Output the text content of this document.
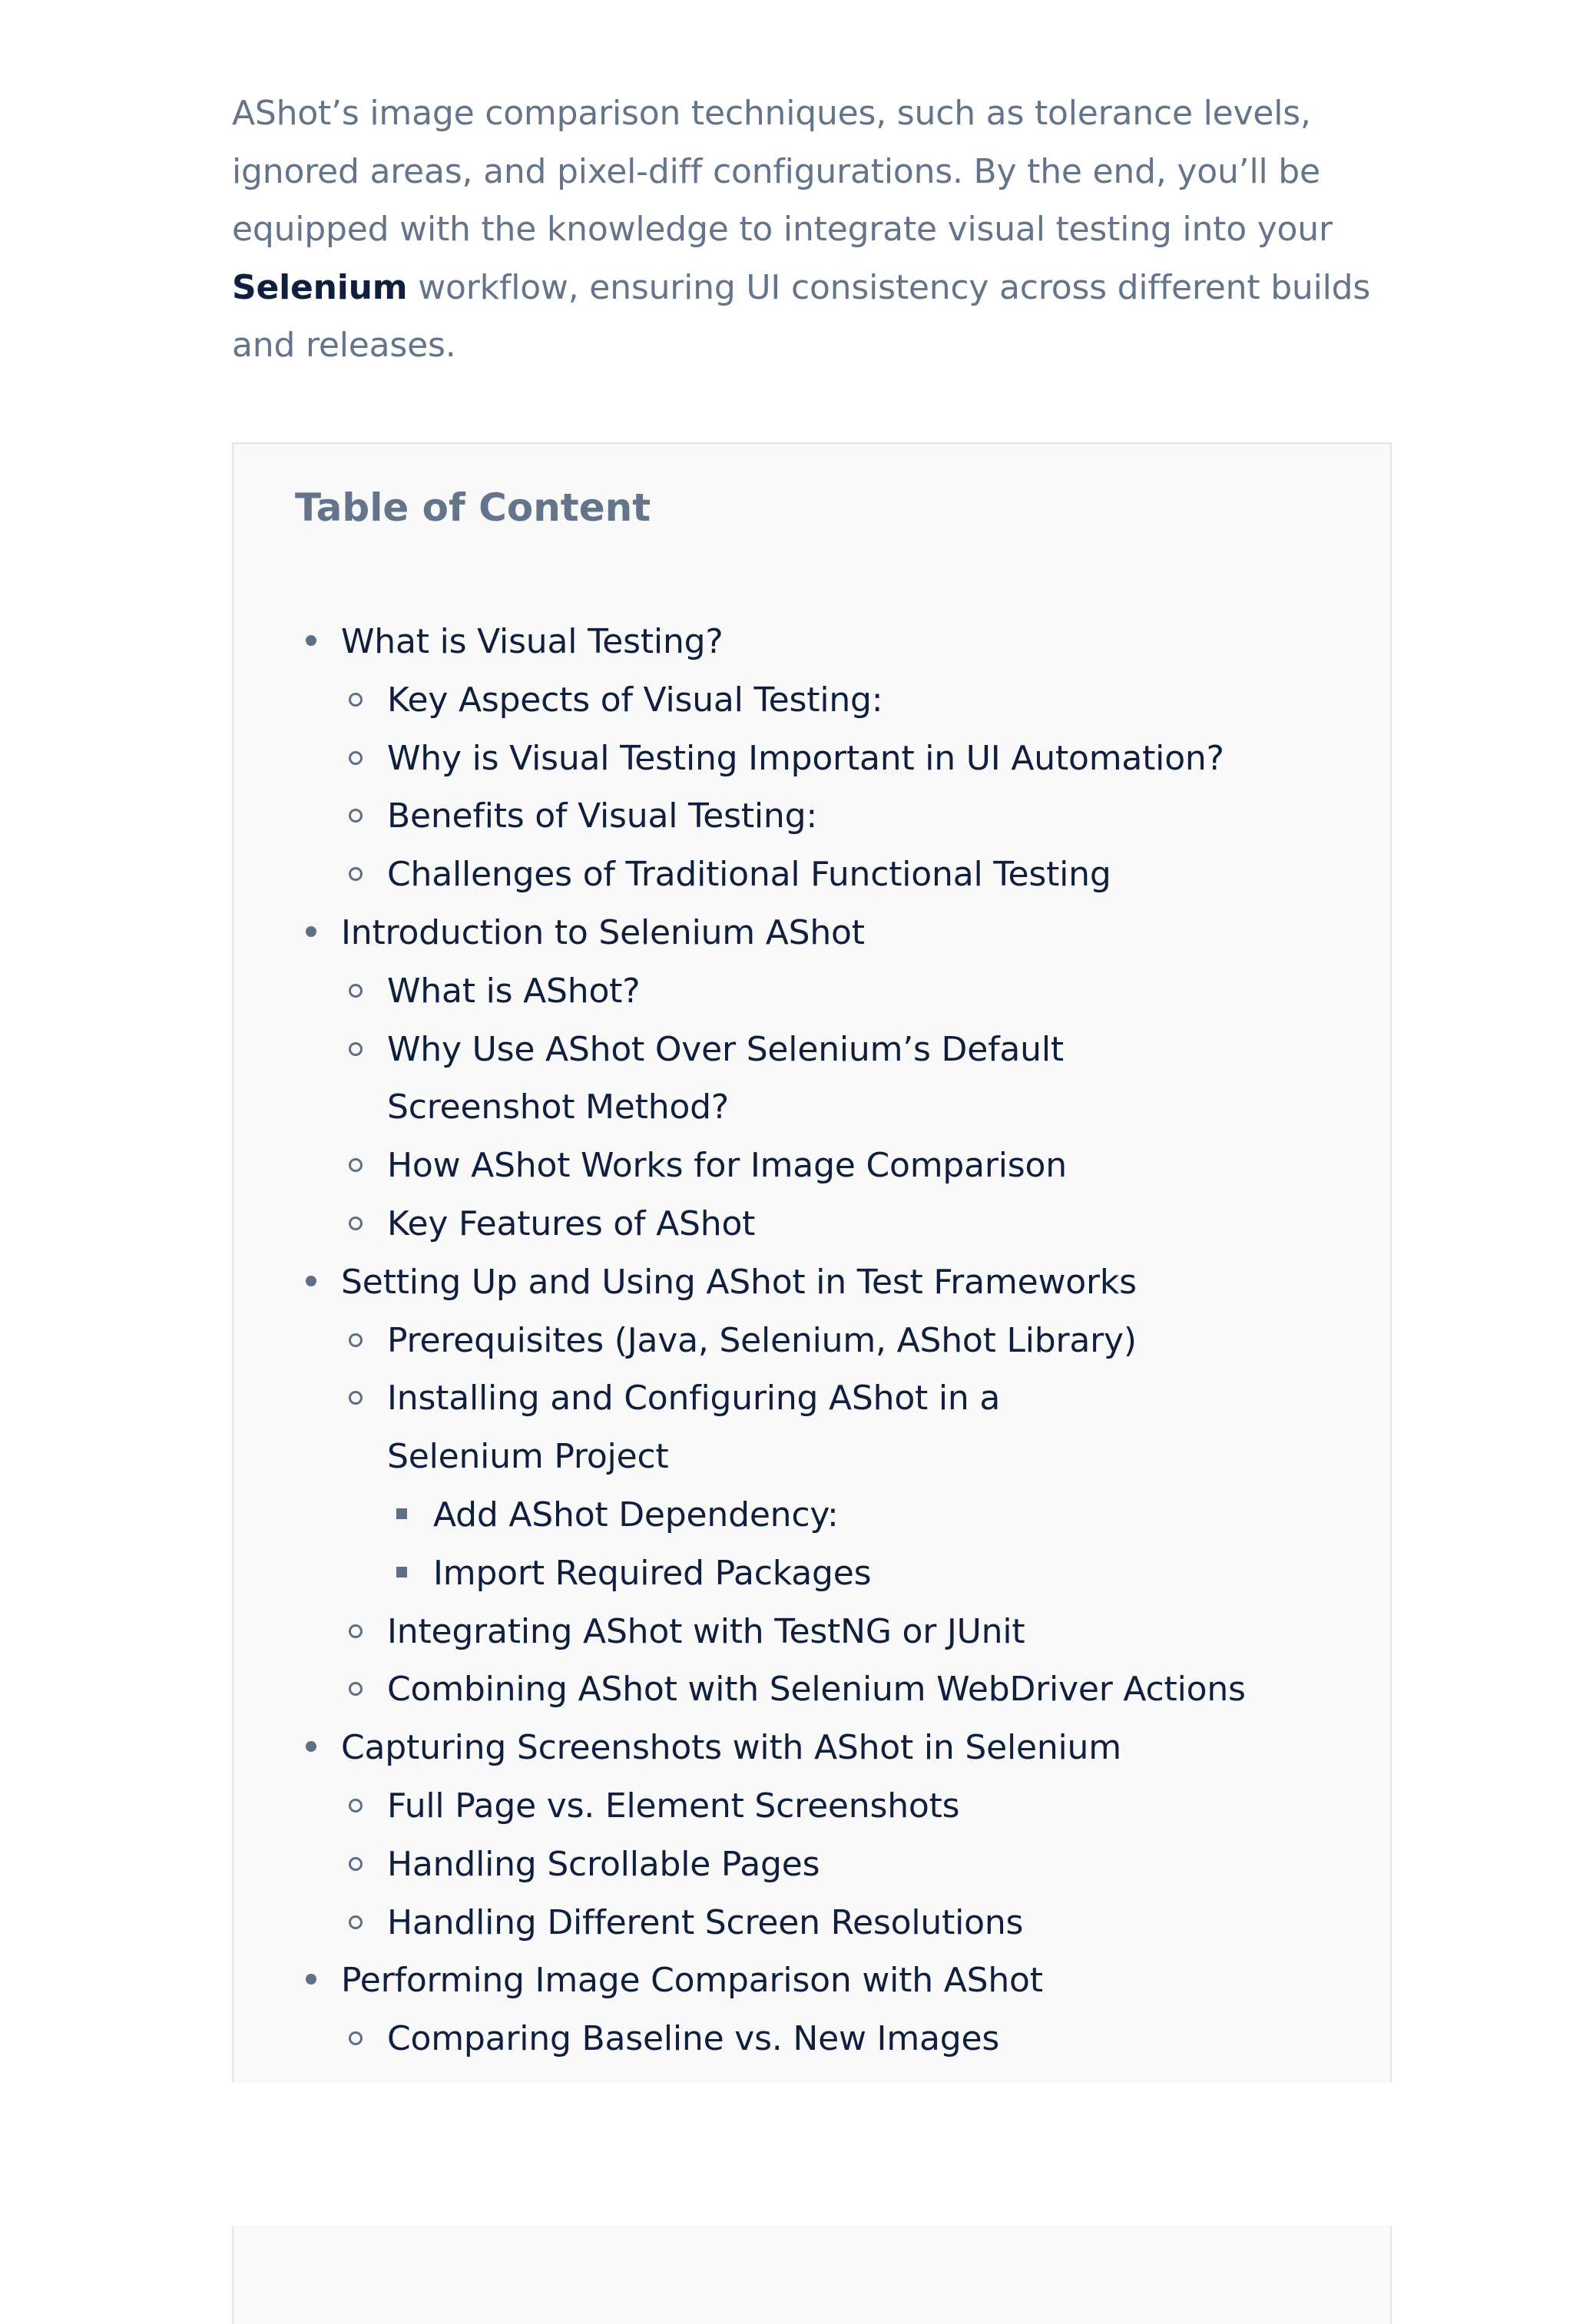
AShot’s image comparison techniques, such as tolerance levels, ignored areas, and pixel-diff configurations. By the end, you’ll be equipped with the knowledge to integrate visual testing into your Selenium workflow, ensuring UI consistency across different builds and releases.

Table of Content
What is Visual Testing?
Key Aspects of Visual Testing:
Why is Visual Testing Important in UI Automation?
Benefits of Visual Testing:
Challenges of Traditional Functional Testing
Introduction to Selenium AShot
What is AShot?
Why Use AShot Over Selenium’s Default Screenshot Method?
How AShot Works for Image Comparison
Key Features of AShot
Setting Up and Using AShot in Test Frameworks
Prerequisites (Java, Selenium, AShot Library)
Installing and Configuring AShot in a Selenium Project
Add AShot Dependency:
Import Required Packages
Integrating AShot with TestNG or JUnit
Combining AShot with Selenium WebDriver Actions
Capturing Screenshots with AShot in Selenium
Full Page vs. Element Screenshots
Handling Scrollable Pages
Handling Different Screen Resolutions
Performing Image Comparison with AShot
Comparing Baseline vs. New Images
